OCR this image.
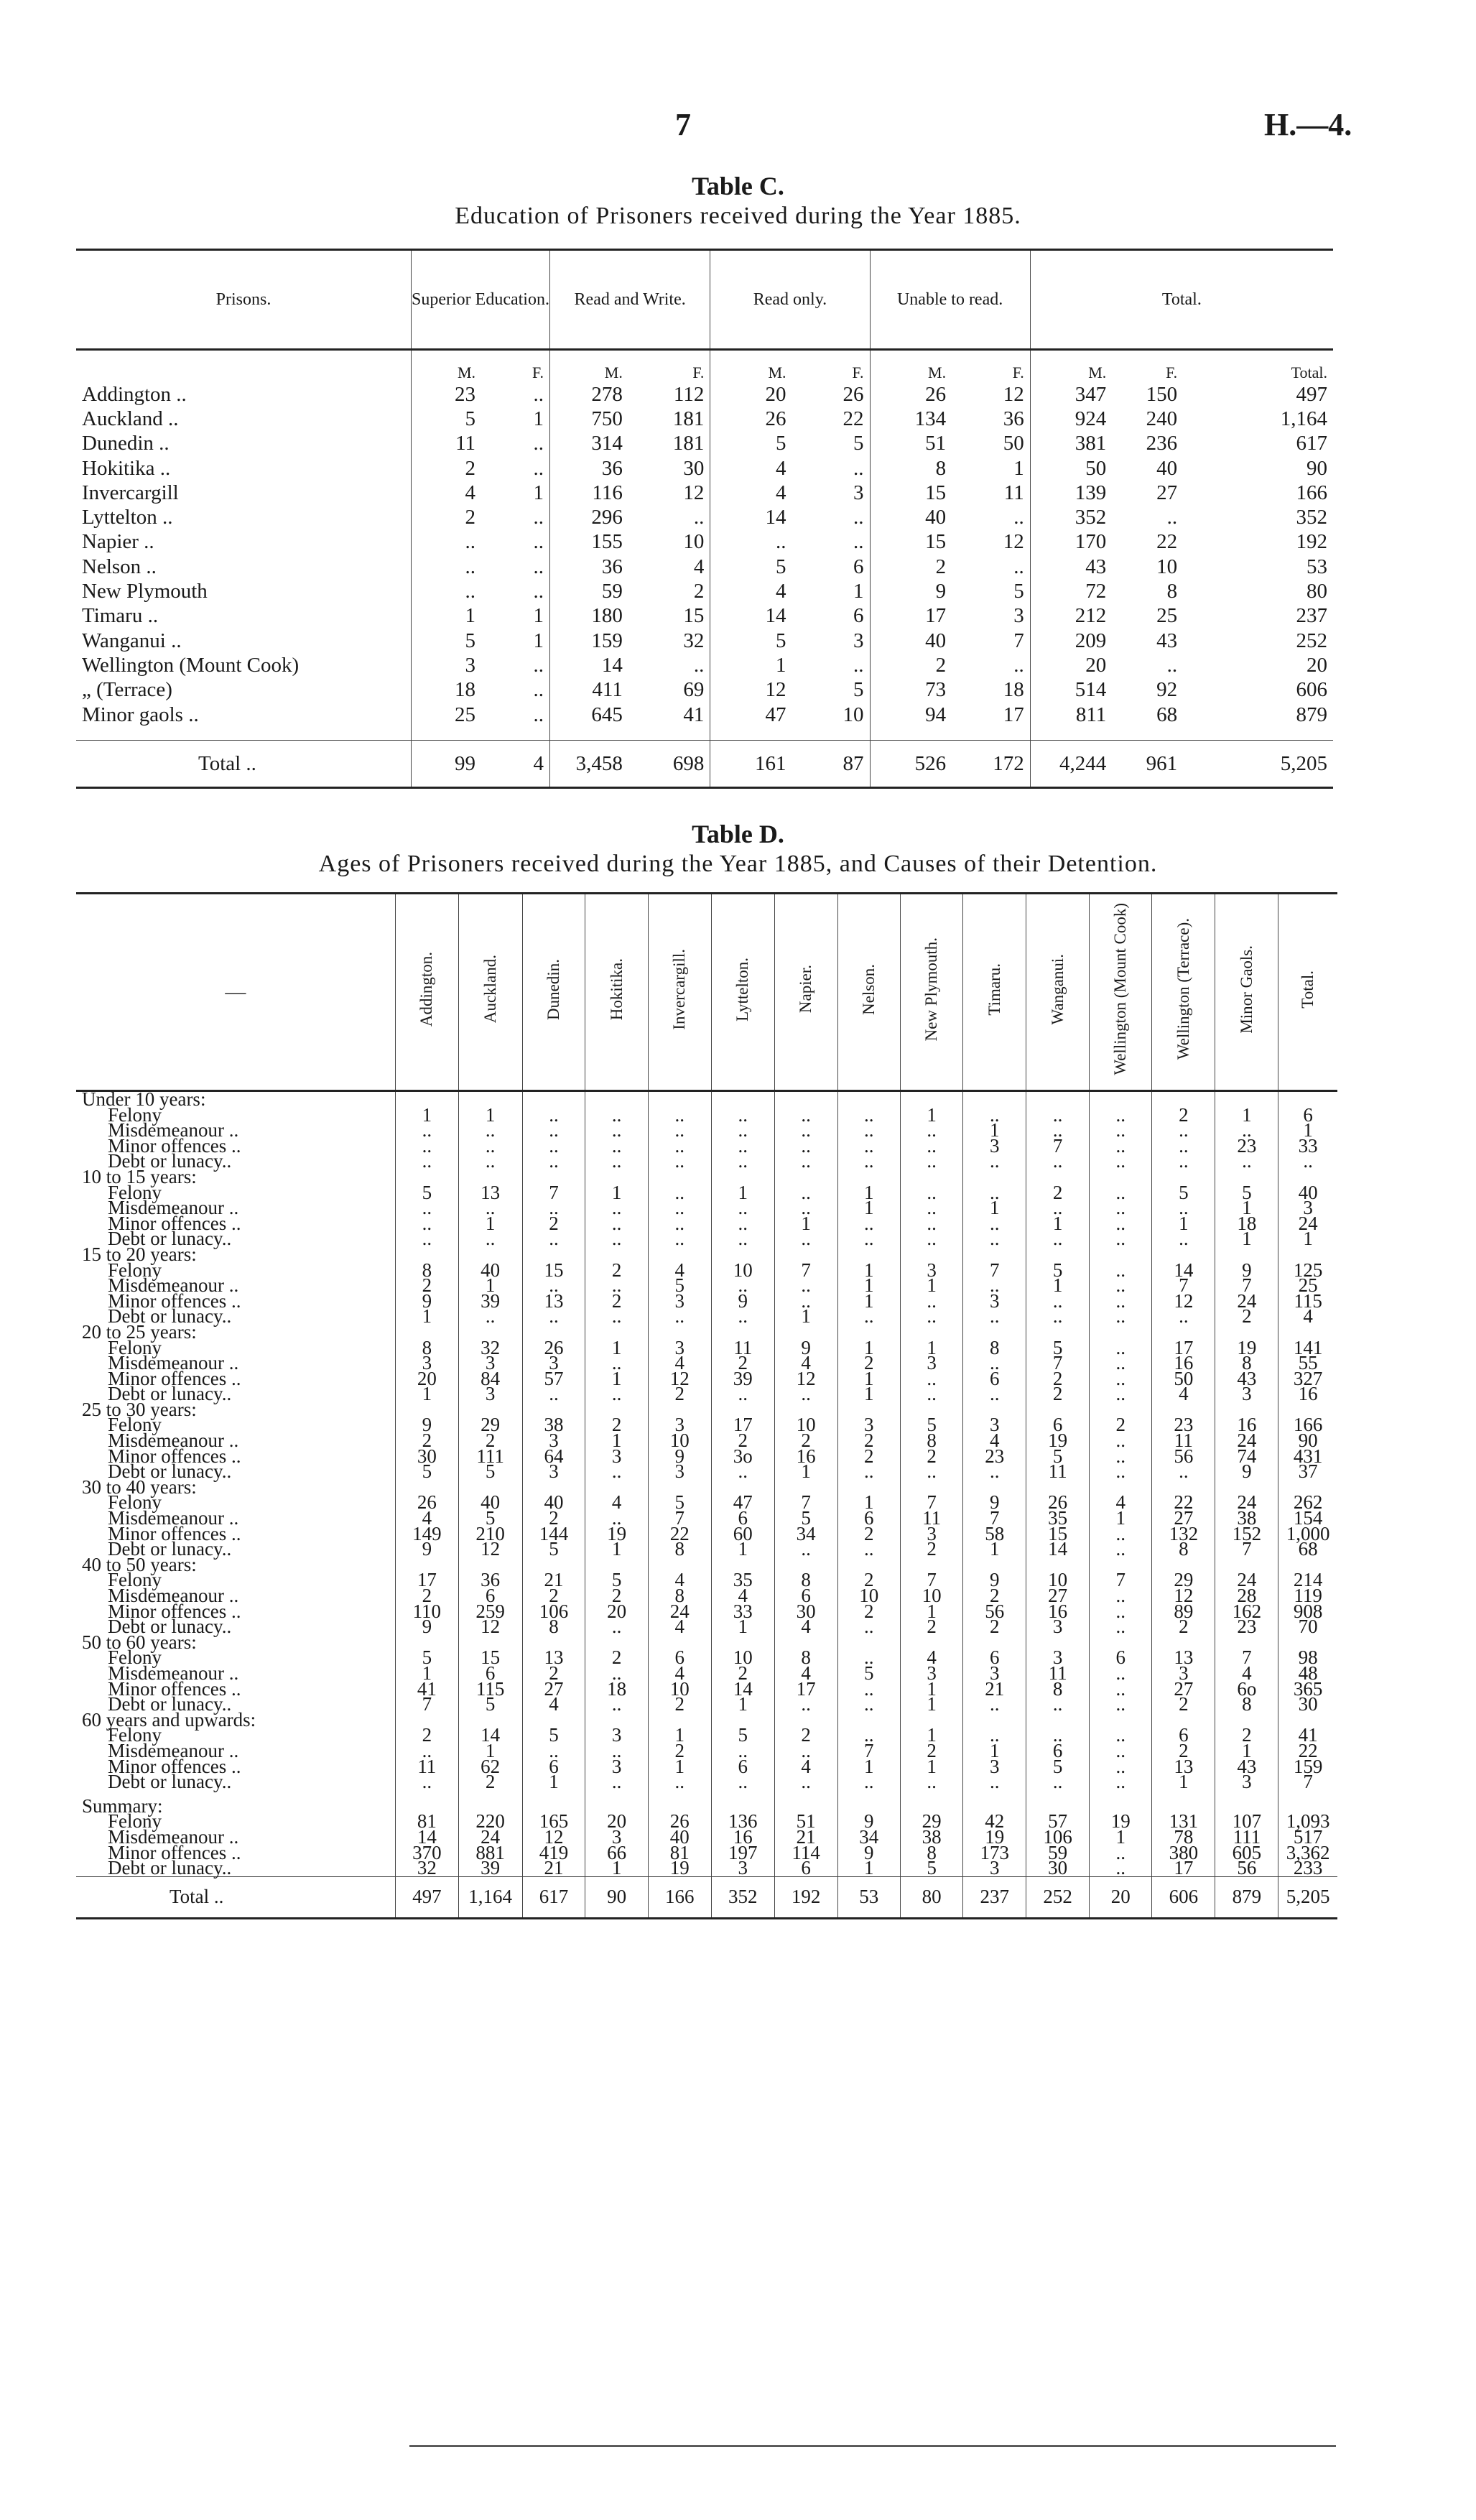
7	H.—4.
Table C.
Education of Prisoners received during the Year 1885.
Prisons.	Superior Education.		Read and Write.		Read only.		Unable to read.		Total.		
	M.	F.	M.	F.	M.	F.	M.	F.	M.	F.	Total.
Addington ..	23	..	278	112	20	26	26	12	347	150	497
Auckland ..	5	1	750	181	26	22	134	36	924	240	1,164
Dunedin ..	11	..	314	181	5	5	51	50	381	236	617
Hokitika ..	2	..	36	30	4	..	8	1	50	40	90
Invercargill	4	1	116	12	4	3	15	11	139	27	166
Lyttelton ..	2	..	296	..	14	..	40	..	352	..	352
Napier ..	..	..	155	10	..	..	15	12	170	22	192
Nelson ..	..	..	36	4	5	6	2	..	43	10	53
New Plymouth	..	..	59	2	4	1	9	5	72	8	80
Timaru ..	1	1	180	15	14	6	17	3	212	25	237
Wanganui ..	5	1	159	32	5	3	40	7	209	43	252
Wellington (Mount Cook)	3	..	14	..	1	..	2	..	20	..	20
„ (Terrace)	18	..	411	69	12	5	73	18	514	92	606
Minor gaols ..	25	..	645	41	47	10	94	17	811	68	879

Total ..	99	4	3,458	698	161	87	526	172	4,244	961	5,205
Table D.
Ages of Prisoners received during the Year 1885, and Causes of their Detention.
—	Addington.	Auckland.	Dunedin.	Hokitika.	Invercargill.	Lyttelton.	Napier.	Nelson.	New Plymouth.	Timaru.	Wanganui.	Wellington (Mount Cook)	Wellington (Terrace).	Minor Gaols.	Total.
Under 10 years:															
Felony	1	1	..	..	..	..	..	..	1	..	..	..	2	1	6
Misdemeanour ..	..	..	..	..	..	..	..	..	..	1	..	..	..	..	1
Minor offences ..	..	..	..	..	..	..	..	..	..	3	7	..	..	23	33
Debt or lunacy..	..	..	..	..	..	..	..	..	..	..	..	..	..	..	..
10 to 15 years:															
Felony	5	13	7	1	..	1	..	1	..	..	2	..	5	5	40
Misdemeanour ..	..	..	..	..	..	..	..	1	..	1	..	..	..	1	3
Minor offences ..	..	1	2	..	..	..	1	..	..	..	1	..	1	18	24
Debt or lunacy..	..	..	..	..	..	..	..	..	..	..	..	..	..	1	1
15 to 20 years:															
Felony	8	40	15	2	4	10	7	1	3	7	5	..	14	9	125
Misdemeanour ..	2	1	..	..	5	..	..	1	1	..	1	..	7	7	25
Minor offences ..	9	39	13	2	3	9	..	1	..	3	..	..	12	24	115
Debt or lunacy..	1	..	..	..	..	..	1	..	..	..	..	..	..	2	4
20 to 25 years:															
Felony	8	32	26	1	3	11	9	1	1	8	5	..	17	19	141
Misdemeanour ..	3	3	3	..	4	2	4	2	3	..	7	..	16	8	55
Minor offences ..	20	84	57	1	12	39	12	1	..	6	2	..	50	43	327
Debt or lunacy..	1	3	..	..	2	..	..	1	..	..	2	..	4	3	16
25 to 30 years:															
Felony	9	29	38	2	3	17	10	3	5	3	6	2	23	16	166
Misdemeanour ..	2	2	3	1	10	2	2	2	8	4	19	..	11	24	90
Minor offences ..	30	111	64	3	9	3o	16	2	2	23	5	..	56	74	431
Debt or lunacy..	5	5	3	..	3	..	1	..	..	..	11	..	..	9	37
30 to 40 years:															
Felony	26	40	40	4	5	47	7	1	7	9	26	4	22	24	262
Misdemeanour ..	4	5	2	..	7	6	5	6	11	7	35	1	27	38	154
Minor offences ..	149	210	144	19	22	60	34	2	3	58	15	..	132	152	1,000
Debt or lunacy..	9	12	5	1	8	1	..	..	2	1	14	..	8	7	68
40 to 50 years:															
Felony	17	36	21	5	4	35	8	2	7	9	10	7	29	24	214
Misdemeanour ..	2	6	2	2	8	4	6	10	10	2	27	..	12	28	119
Minor offences ..	110	259	106	20	24	33	30	2	1	56	16	..	89	162	908
Debt or lunacy..	9	12	8	..	4	1	4	..	2	2	3	..	2	23	70
50 to 60 years:															
Felony	5	15	13	2	6	10	8	..	4	6	3	6	13	7	98
Misdemeanour ..	1	6	2	..	4	2	4	5	3	3	11	..	3	4	48
Minor offences ..	41	115	27	18	10	14	17	..	1	21	8	..	27	6o	365
Debt or lunacy..	7	5	4	..	2	1	..	..	1	..	..	..	2	8	30
60 years and upwards:															
Felony	2	14	5	3	1	5	2	..	1	..	..	..	6	2	41
Misdemeanour ..	..	1	..	..	2	..	..	7	2	1	6	..	2	1	22
Minor offences ..	11	62	6	3	1	6	4	1	1	3	5	..	13	43	159
Debt or lunacy..	..	2	1	..	..	..	..	..	..	..	..	..	1	3	7

Summary:															
Felony	81	220	165	20	26	136	51	9	29	42	57	19	131	107	1,093
Misdemeanour ..	14	24	12	3	40	16	21	34	38	19	106	1	78	111	517
Minor offences ..	370	881	419	66	81	197	114	9	8	173	59	..	380	605	3,362
Debt or lunacy..	32	39	21	1	19	3	6	1	5	3	30	..	17	56	233
Total ..	497	1,164	617	90	166	352	192	53	80	237	252	20	606	879	5,205
